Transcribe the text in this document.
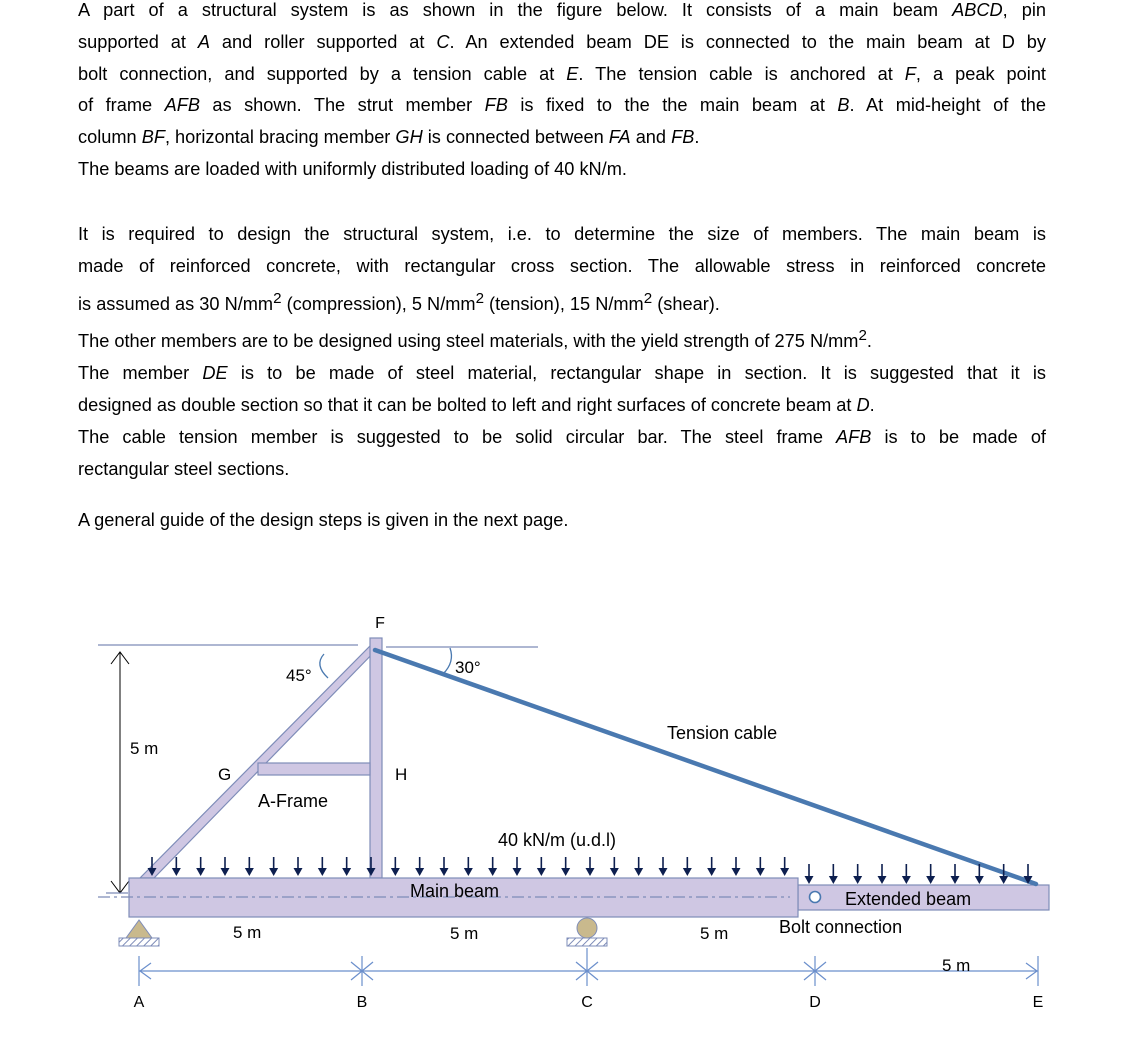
A part of a structural system is as shown in the figure below. It consists of a main beam ABCD, pin

supported at A and roller supported at C. An extended beam DE is connected to the main beam at D by

bolt connection, and supported by a tension cable at E. The tension cable is anchored at F, a peak point

of frame AFB as shown. The strut member FB is fixed to the the main beam at B. At mid-height of the

column BF, horizontal bracing member GH is connected between FA and FB.

The beams are loaded with uniformly distributed loading of 40 kN/m.

It is required to design the structural system, i.e. to determine the size of members. The main beam is

made of reinforced concrete, with rectangular cross section. The allowable stress in reinforced concrete

is assumed as 30 $N/mm^2$ (compression), 5 $N/mm^2$ (tension), 15 $N/mm^2$ (shear).

The other members are to be designed using steel materials, with the yield strength of 275 $N/mm^2$.

The member DE is to be made of steel material, rectangular shape in section. It is suggested that it is

designed as double section so that it can be bolted to left and right surfaces of concrete beam at D.

The cable tension member is suggested to be solid circular bar. The steel frame AFB is to be made of

rectangular steel sections.

A general guide of the design steps is given in the next page.

5 m
F
45°	30°
Tension cable
G	H
A-Frame
40 kN/m (u.d.l)
Main beam	Extended beam
Bolt connection
5 m	5 m	5 m
5 m
A	B	C	D	E
